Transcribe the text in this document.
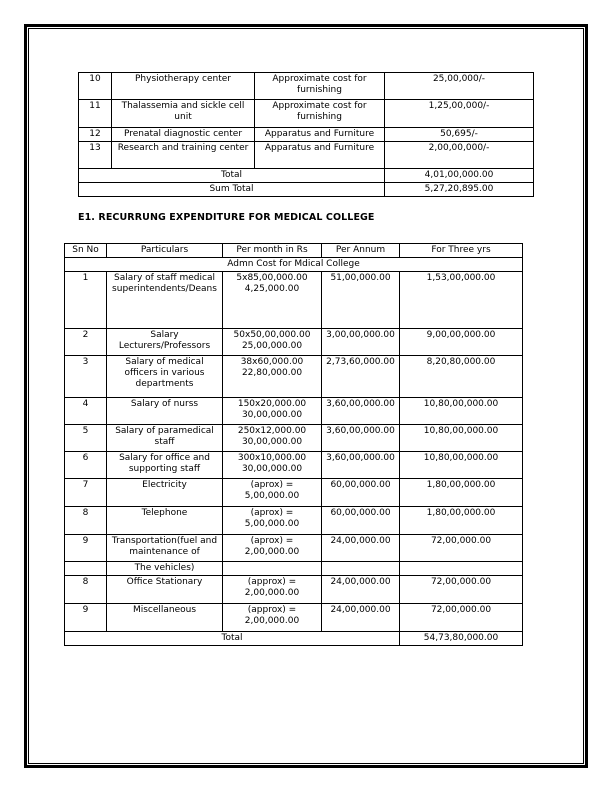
10	Physiotherapy center	Approximate cost for furnishing	25,00,000/-
11	Thalassemia and sickle cell unit	Approximate cost for furnishing	1,25,00,000/-
12	Prenatal diagnostic center	Apparatus and Furniture	50,695/-
13	Research and training center	Apparatus and Furniture	2,00,00,000/-
Total			4,01,00,000.00
Sum Total			5,27,20,895.00

E1. RECURRUNG EXPENDITURE FOR MEDICAL COLLEGE

Sn No	Particulars	Per month in Rs	Per Annum	For Three yrs
Admn Cost for Mdical College				
1	Salary of staff medical superintendents/Deans	5x85,00,000.00 4,25,000.00	51,00,000.00	1,53,00,000.00
2	Salary Lecturers/Professors	50x50,00,000.00 25,00,000.00	3,00,00,000.00	9,00,00,000.00
3	Salary of medical officers in various departments	38x60,000.00 22,80,000.00	2,73,60,000.00	8,20,80,000.00
4	Salary of nurss	150x20,000.00 30,00,000.00	3,60,00,000.00	10,80,00,000.00
5	Salary of paramedical staff	250x12,000.00 30,00,000.00	3,60,00,000.00	10,80,00,000.00
6	Salary for office and supporting staff	300x10,000.00 30,00,000.00	3,60,00,000.00	10,80,00,000.00
7	Electricity	(aprox) = 5,00,000.00	60,00,000.00	1,80,00,000.00
8	Telephone	(aprox) = 5,00,000.00	60,00,000.00	1,80,00,000.00
9	Transportation(fuel and maintenance of	(aprox) = 2,00,000.00	24,00,000.00	72,00,000.00
	The vehicles)			
8	Office Stationary	(approx) = 2,00,000.00	24,00,000.00	72,00,000.00
9	Miscellaneous	(approx) = 2,00,000.00	24,00,000.00	72,00,000.00
Total				54,73,80,000.00
